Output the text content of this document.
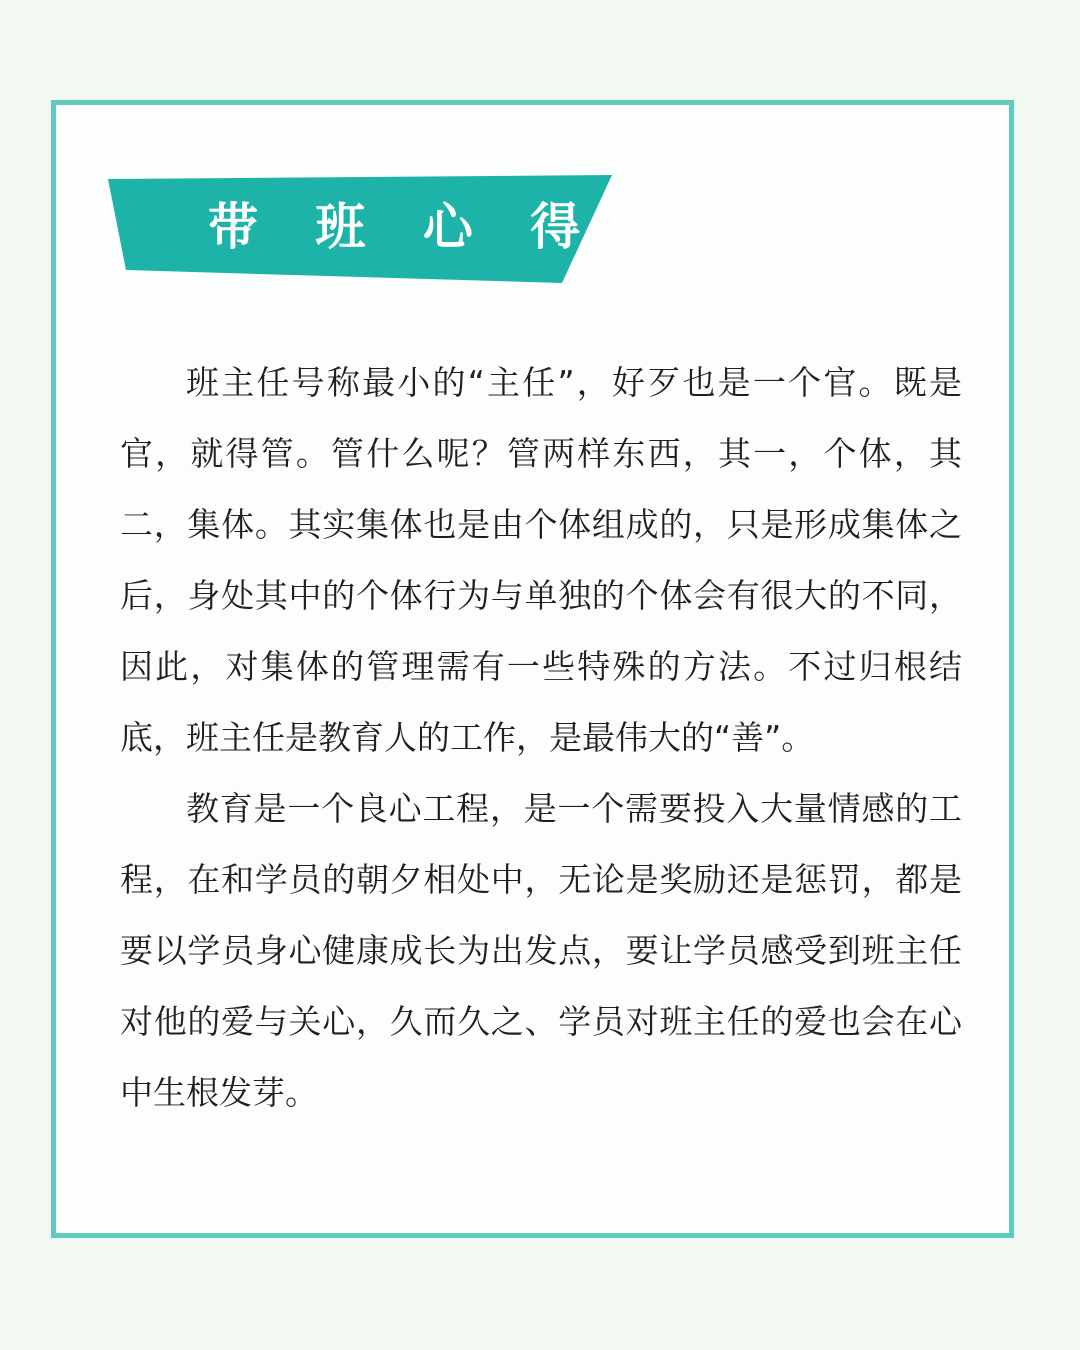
带 班 心 得

班主任号称最小的“主任”，好歹也是一个官。既是官，就得管。管什么呢？管两样东西，其一，个体，其二，集体。其实集体也是由个体组成的，只是形成集体之后，身处其中的个体行为与单独的个体会有很大的不同，因此，对集体的管理需有一些特殊的方法。不过归根结底，班主任是教育人的工作，是最伟大的“善”。

教育是一个良心工程，是一个需要投入大量情感的工程，在和学员的朝夕相处中，无论是奖励还是惩罚，都是要以学员身心健康成长为出发点，要让学员感受到班主任对他的爱与关心，久而久之、学员对班主任的爱也会在心中生根发芽。
